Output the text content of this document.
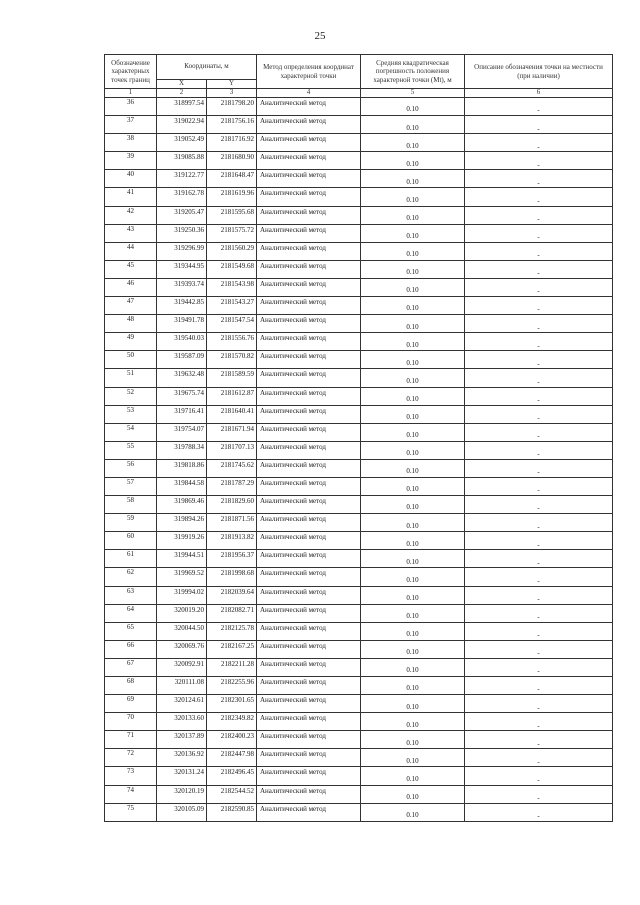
25
Обозначение характерных точек границ	Координаты, м		Метод определения координат характерной точки	Средняя квадратическая погрешность положения характерной точки (Mt), м	Описание обозначения точки на местности (при наличии)
	X	Y			
1	2	3	4	5	6
36	318997.54	2181798.20	Аналитический метод	0.10	-
37	319022.94	2181756.16	Аналитический метод	0.10	-
38	319052.49	2181716.92	Аналитический метод	0.10	-
39	319085.88	2181680.90	Аналитический метод	0.10	-
40	319122.77	2181648.47	Аналитический метод	0.10	-
41	319162.78	2181619.96	Аналитический метод	0.10	-
42	319205.47	2181595.68	Аналитический метод	0.10	-
43	319250.36	2181575.72	Аналитический метод	0.10	-
44	319296.99	2181560.29	Аналитический метод	0.10	-
45	319344.95	2181549.68	Аналитический метод	0.10	-
46	319393.74	2181543.98	Аналитический метод	0.10	-
47	319442.85	2181543.27	Аналитический метод	0.10	-
48	319491.78	2181547.54	Аналитический метод	0.10	-
49	319540.03	2181556.76	Аналитический метод	0.10	-
50	319587.09	2181570.82	Аналитический метод	0.10	-
51	319632.48	2181589.59	Аналитический метод	0.10	-
52	319675.74	2181612.87	Аналитический метод	0.10	-
53	319716.41	2181640.41	Аналитический метод	0.10	-
54	319754.07	2181671.94	Аналитический метод	0.10	-
55	319788.34	2181707.13	Аналитический метод	0.10	-
56	319818.86	2181745.62	Аналитический метод	0.10	-
57	319844.58	2181787.29	Аналитический метод	0.10	-
58	319869.46	2181829.60	Аналитический метод	0.10	-
59	319894.26	2181871.56	Аналитический метод	0.10	-
60	319919.26	2181913.82	Аналитический метод	0.10	-
61	319944.51	2181956.37	Аналитический метод	0.10	-
62	319969.52	2181998.68	Аналитический метод	0.10	-
63	319994.02	2182039.64	Аналитический метод	0.10	-
64	320019.20	2182082.71	Аналитический метод	0.10	-
65	320044.50	2182125.78	Аналитический метод	0.10	-
66	320069.76	2182167.25	Аналитический метод	0.10	-
67	320092.91	2182211.28	Аналитический метод	0.10	-
68	320111.08	2182255.96	Аналитический метод	0.10	-
69	320124.61	2182301.65	Аналитический метод	0.10	-
70	320133.60	2182349.82	Аналитический метод	0.10	-
71	320137.89	2182400.23	Аналитический метод	0.10	-
72	320136.92	2182447.98	Аналитический метод	0.10	-
73	320131.24	2182496.45	Аналитический метод	0.10	-
74	320120.19	2182544.52	Аналитический метод	0.10	-
75	320105.09	2182590.85	Аналитический метод	0.10	-
